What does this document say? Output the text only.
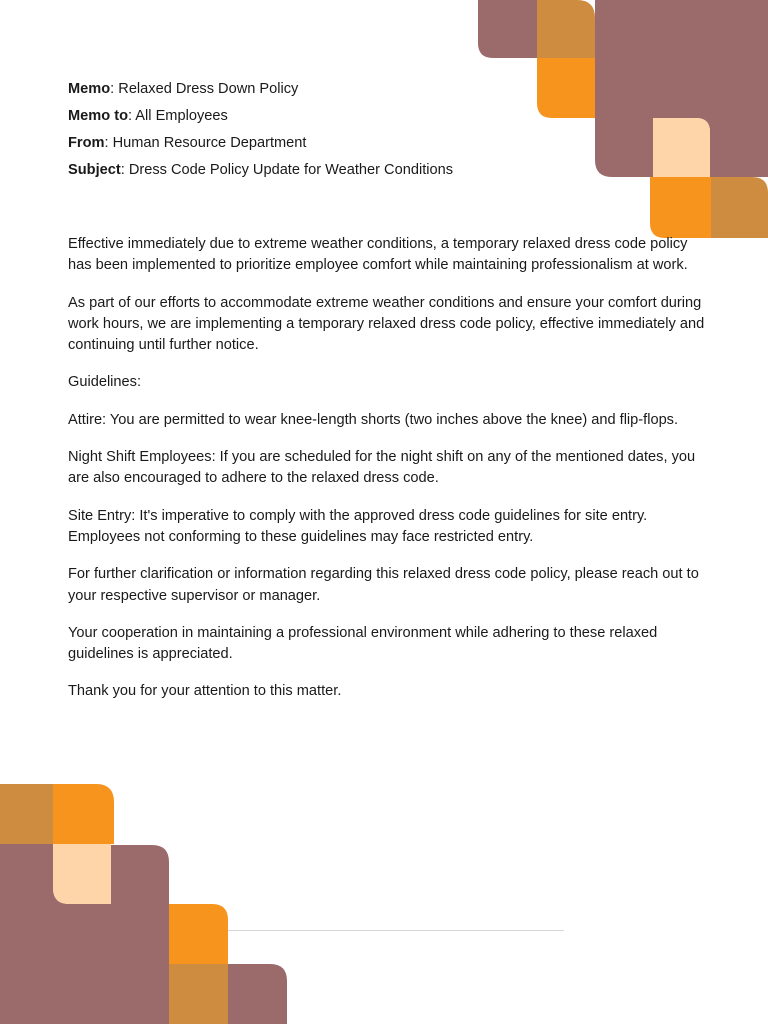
Memo: Relaxed Dress Down Policy
Memo to: All Employees
From: Human Resource Department
Subject: Dress Code Policy Update for Weather Conditions

Effective immediately due to extreme weather conditions, a temporary relaxed dress code policy has been implemented to prioritize employee comfort while maintaining professionalism at work.

As part of our efforts to accommodate extreme weather conditions and ensure your comfort during work hours, we are implementing a temporary relaxed dress code policy, effective immediately and continuing until further notice.

Guidelines:

Attire: You are permitted to wear knee-length shorts (two inches above the knee) and flip-flops.

Night Shift Employees: If you are scheduled for the night shift on any of the mentioned dates, you are also encouraged to adhere to the relaxed dress code.

Site Entry: It's imperative to comply with the approved dress code guidelines for site entry. Employees not conforming to these guidelines may face restricted entry.

For further clarification or information regarding this relaxed dress code policy, please reach out to your respective supervisor or manager.

Your cooperation in maintaining a professional environment while adhering to these relaxed guidelines is appreciated.

Thank you for your attention to this matter.
